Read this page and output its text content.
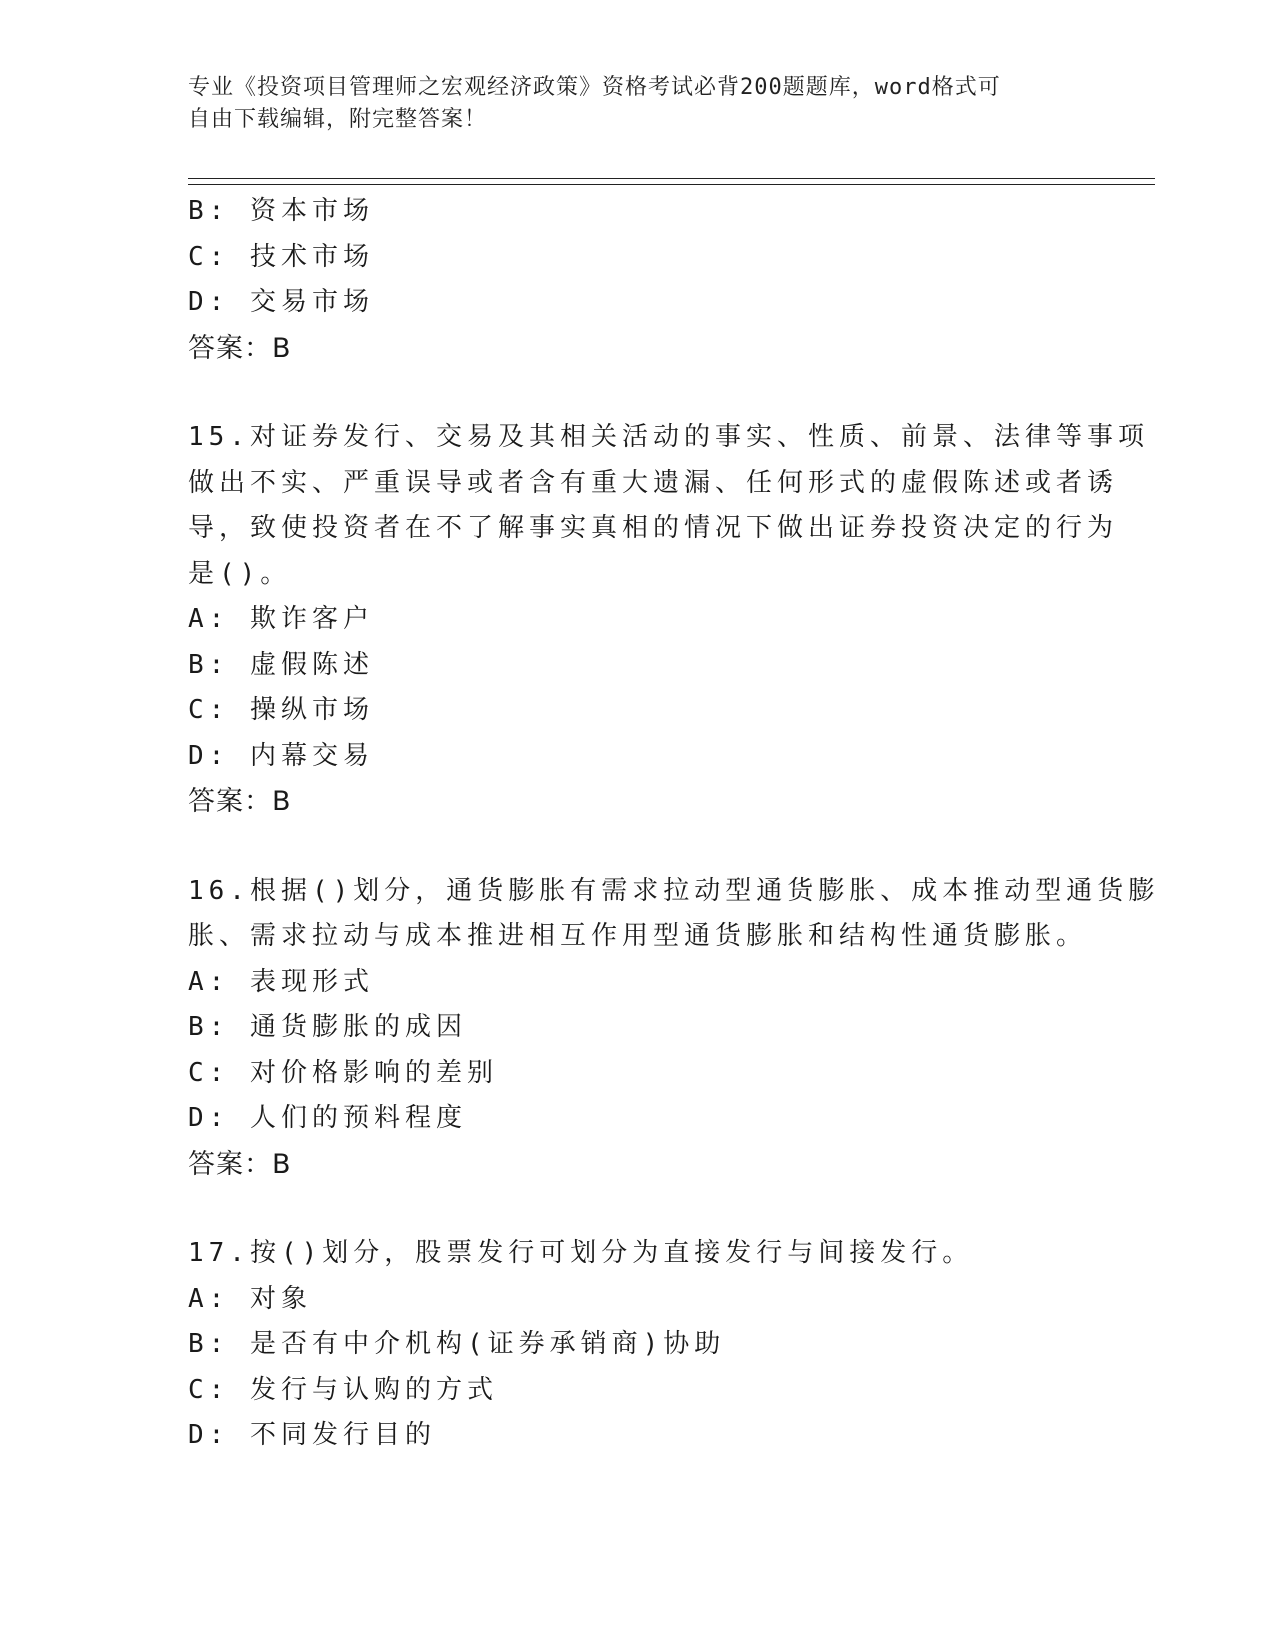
专业《投资项目管理师之宏观经济政策》资格考试必背200题题库，word格式可
自由下载编辑，附完整答案！
B: 资本市场
C: 技术市场
D: 交易市场
答案：B
15.对证券发行、交易及其相关活动的事实、性质、前景、法律等事项
做出不实、严重误导或者含有重大遗漏、任何形式的虚假陈述或者诱
导，致使投资者在不了解事实真相的情况下做出证券投资决定的行为
是()。
A: 欺诈客户
B: 虚假陈述
C: 操纵市场
D: 内幕交易
答案：B
16.根据()划分，通货膨胀有需求拉动型通货膨胀、成本推动型通货膨
胀、需求拉动与成本推进相互作用型通货膨胀和结构性通货膨胀。
A: 表现形式
B: 通货膨胀的成因
C: 对价格影响的差别
D: 人们的预料程度
答案：B
17.按()划分，股票发行可划分为直接发行与间接发行。
A: 对象
B: 是否有中介机构(证券承销商)协助
C: 发行与认购的方式
D: 不同发行目的
